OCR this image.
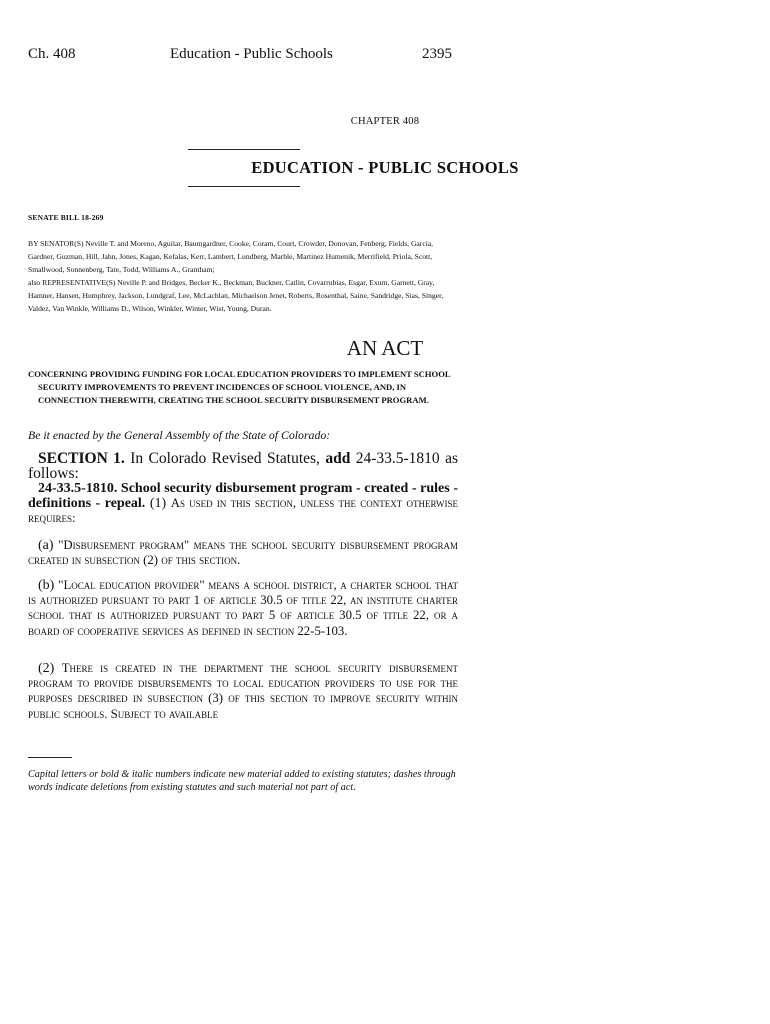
Ch. 408	Education - Public Schools	2395
CHAPTER 408
EDUCATION - PUBLIC SCHOOLS
SENATE BILL 18-269
BY SENATOR(S) Neville T. and Moreno, Aguilar, Baumgardner, Cooke, Coram, Court, Crowder, Donovan, Fenberg, Fields, Garcia, Gardner, Guzman, Hill, Jahn, Jones, Kagan, Kefalas, Kerr, Lambert, Lundberg, Marble, Martinez Humenik, Merrifield, Priola, Scott, Smallwood, Sonnenberg, Tate, Todd, Williams A., Grantham;
also REPRESENTATIVE(S) Neville P. and Bridges, Becker K., Beckman, Buckner, Catlin, Covarrubias, Esgar, Exum, Garnett, Gray, Hamner, Hansen, Humphrey, Jackson, Lundgraf, Lee, McLachlan, Michaelson Jenet, Roberts, Rosenthal, Saine, Sandridge, Sias, Singer, Valdez, Van Winkle, Williams D., Wilson, Winkler, Winter, Wist, Young, Duran.
AN ACT
CONCERNING PROVIDING FUNDING FOR LOCAL EDUCATION PROVIDERS TO IMPLEMENT SCHOOL
SECURITY IMPROVEMENTS TO PREVENT INCIDENCES OF SCHOOL VIOLENCE, AND, IN CONNECTION THEREWITH, CREATING THE SCHOOL SECURITY DISBURSEMENT PROGRAM.
Be it enacted by the General Assembly of the State of Colorado:
SECTION 1. In Colorado Revised Statutes, add 24-33.5-1810 as follows:
24-33.5-1810. School security disbursement program - created - rules - definitions - repeal. (1) As used in this section, unless the context otherwise requires:
(a) "Disbursement program" means the school security disbursement program created in subsection (2) of this section.
(b) "Local education provider" means a school district, a charter school that is authorized pursuant to part 1 of article 30.5 of title 22, an institute charter school that is authorized pursuant to part 5 of article 30.5 of title 22, or a board of cooperative services as defined in section 22-5-103.
(2) There is created in the department the school security disbursement program to provide disbursements to local education providers to use for the purposes described in subsection (3) of this section to improve security within public schools. Subject to available
Capital letters or bold & italic numbers indicate new material added to existing statutes; dashes through words indicate deletions from existing statutes and such material not part of act.
